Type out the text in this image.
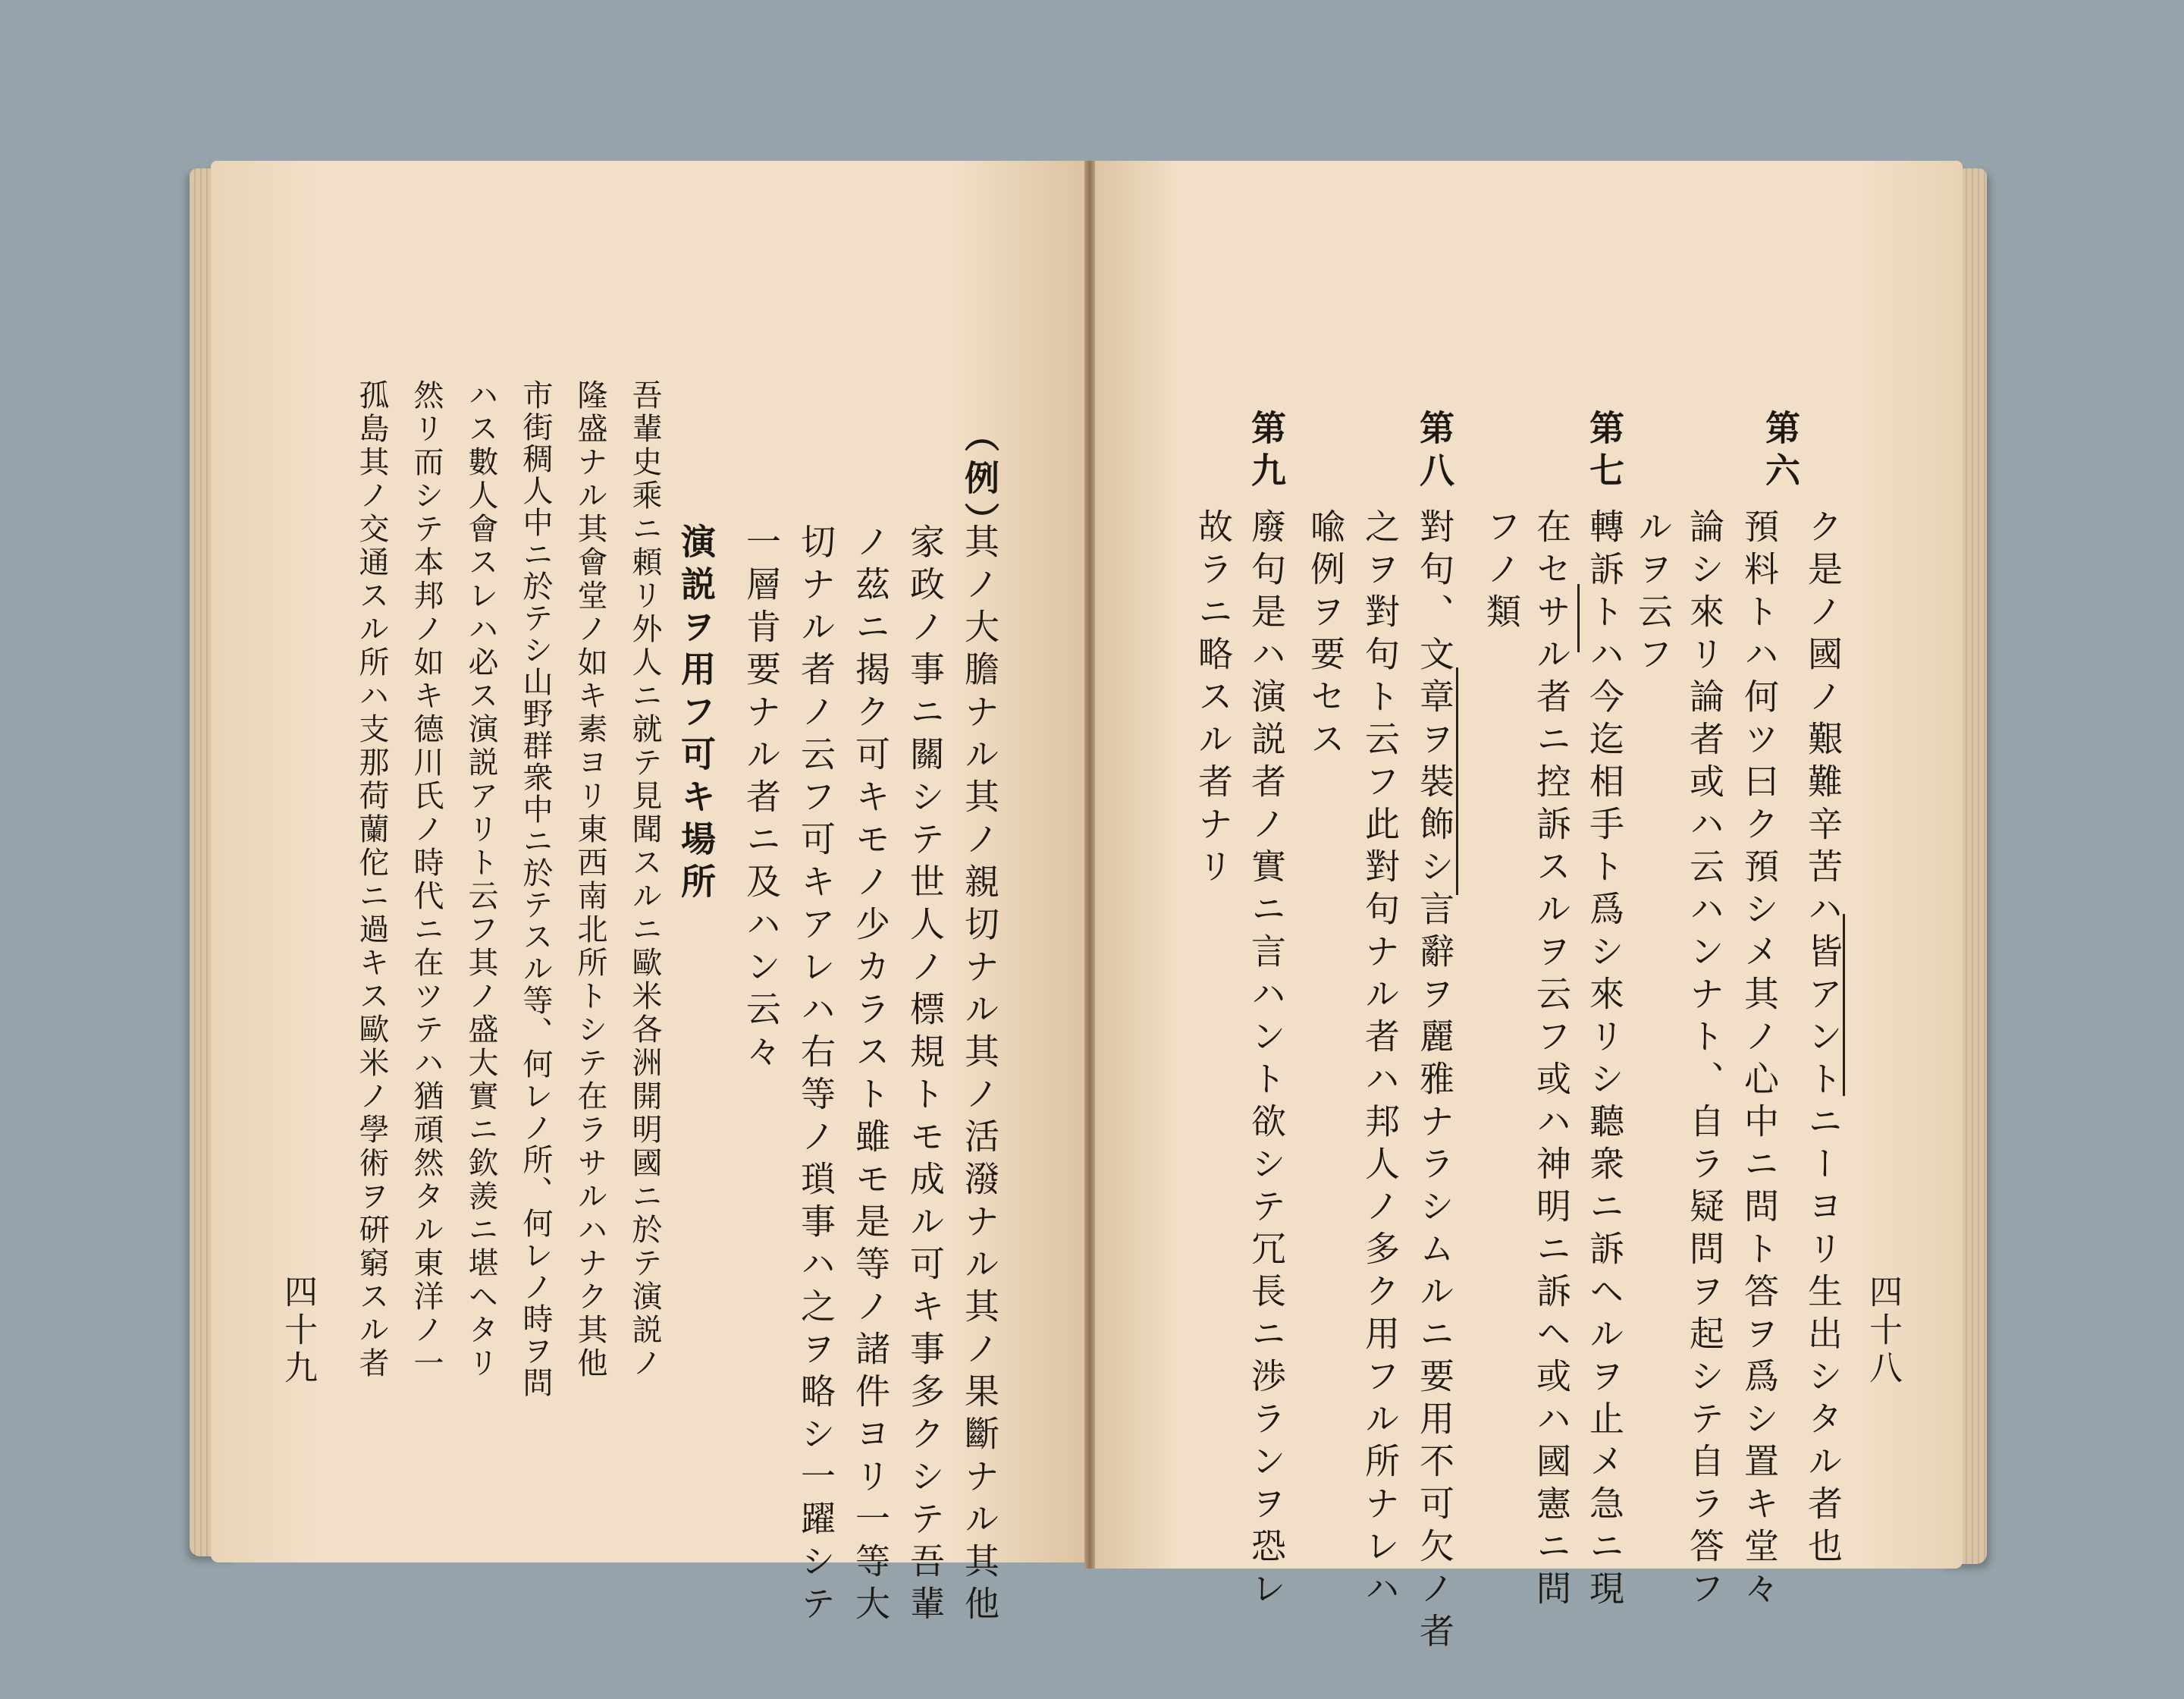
ク是ノ國ノ艱難辛苦ハ皆アントニーヨリ生出シタル者也
第六
預料トハ何ツ曰ク預シメ其ノ心中ニ問ト答ヲ爲シ置キ堂々
論シ來リ論者或ハ云ハンナト、自ラ疑問ヲ起シテ自ラ答フ
ルヲ云フ
第七
轉訴トハ今迄相手ト爲シ來リシ聽衆ニ訴ヘルヲ止メ急ニ現
在セサル者ニ控訴スルヲ云フ或ハ神明ニ訴ヘ或ハ國憲ニ問
フノ類
第八
對句、文章ヲ裝飾シ言辭ヲ麗雅ナラシムルニ要用不可欠ノ者
之ヲ對句ト云フ此對句ナル者ハ邦人ノ多ク用フル所ナレハ
喩例ヲ要セス
第九
廢句是ハ演説者ノ實ニ言ハント欲シテ冗長ニ渉ランヲ恐レ
故ラニ略スル者ナリ
四十八
（例）
其ノ大膽ナル其ノ親切ナル其ノ活潑ナル其ノ果斷ナル其他
家政ノ事ニ關シテ世人ノ標規トモ成ル可キ事多クシテ吾輩
ノ茲ニ揭ク可キモノ少カラスト雖モ是等ノ諸件ヨリ一等大
切ナル者ノ云フ可キアレハ右等ノ瑣事ハ之ヲ略シ一躍シテ
一層肯要ナル者ニ及ハン云々
演説ヲ用フ可キ場所
吾輩史乘ニ頼リ外人ニ就テ見聞スルニ歐米各洲開明國ニ於テ演説ノ
隆盛ナル其會堂ノ如キ素ヨリ東西南北所トシテ在ラサルハナク其他
市街稠人中ニ於テシ山野群衆中ニ於テスル等、何レノ所、何レノ時ヲ問
ハス數人會スレハ必ス演説アリト云フ其ノ盛大實ニ欽羨ニ堪ヘタリ
然リ而シテ本邦ノ如キ德川氏ノ時代ニ在ツテハ猶頑然タル東洋ノ一
孤島其ノ交通スル所ハ支那荷蘭佗ニ過キス歐米ノ學術ヲ硏窮スル者
四十九
